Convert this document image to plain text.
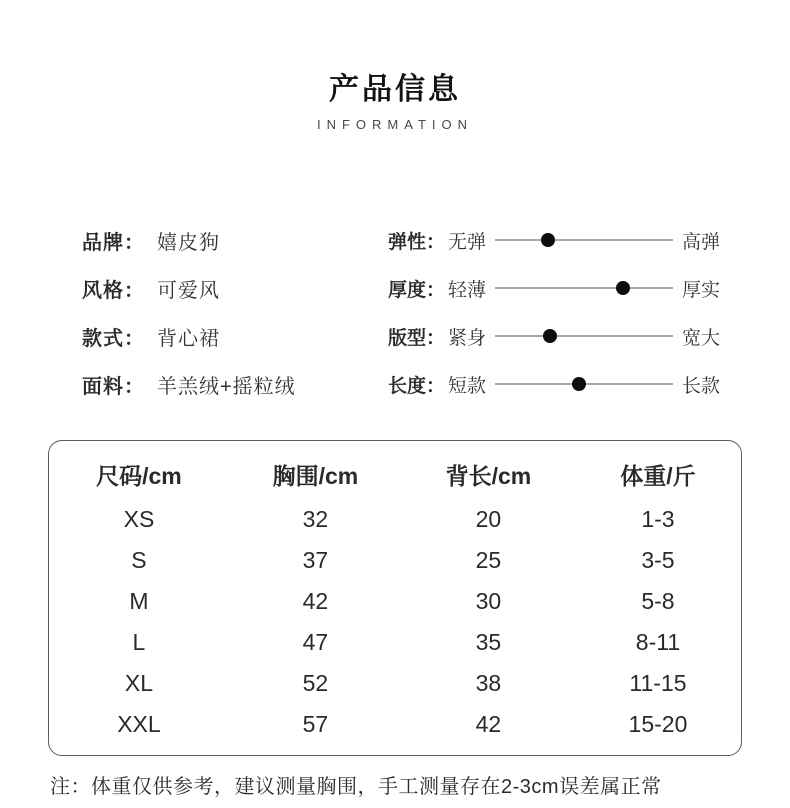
产品信息
INFORMATION
品牌： 嬉皮狗
风格： 可爱风
款式： 背心裙
面料： 羊羔绒+摇粒绒
弹性： 无弹	高弹
厚度： 轻薄	厚实
版型： 紧身	宽大
长度： 短款	长款
尺码/cm	胸围/cm	背长/cm	体重/斤
XS	32	20	1-3
S	37	25	3-5
M	42	30	5-8
L	47	35	8-11
XL	52	38	11-15
XXL	57	42	15-20

注：体重仅供参考，建议测量胸围，手工测量存在2-3cm误差属正常
